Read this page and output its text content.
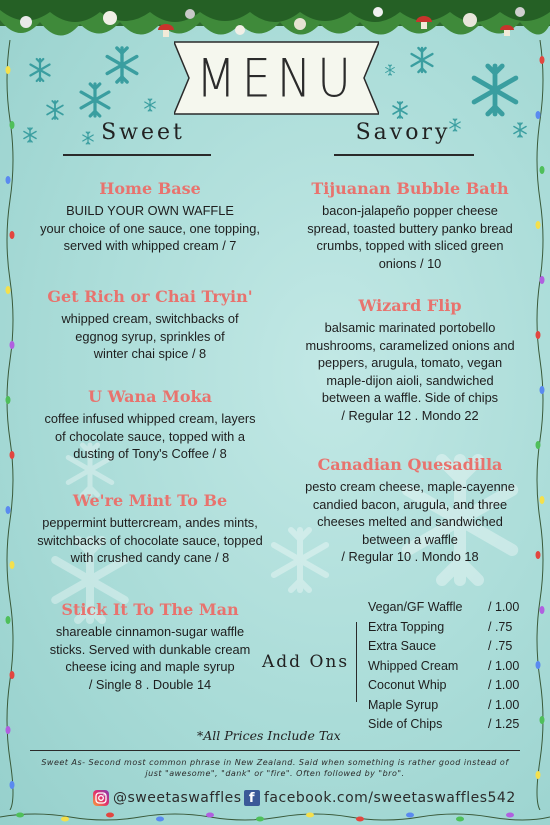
MENU
Sweet	Savory
Home Base
BUILD YOUR OWN WAFFLE
your choice of one sauce, one topping,
served with whipped cream / 7
Get Rich or Chai Tryin'
whipped cream, switchbacks of
eggnog syrup, sprinkles of
winter chai spice / 8
U Wana Moka
coffee infused whipped cream, layers
of chocolate sauce, topped with a
dusting of Tony's Coffee / 8
We're Mint To Be
peppermint buttercream, andes mints,
switchbacks of chocolate sauce, topped
with crushed candy cane / 8
Stick It To The Man
shareable cinnamon-sugar waffle
sticks. Served with dunkable cream
cheese icing and maple syrup
/ Single 8 . Double 14
Tijuanan Bubble Bath
bacon-jalapeño popper cheese
spread, toasted buttery panko bread
crumbs, topped with sliced green
onions / 10
Wizard Flip
balsamic marinated portobello
mushrooms, caramelized onions and
peppers, arugula, tomato, vegan
maple-dijon aioli, sandwiched
between a waffle. Side of chips
/ Regular 12 . Mondo 22
Canadian Quesadilla
pesto cream cheese, maple-cayenne
candied bacon, arugula, and three
cheeses melted and sandwiched
between a waffle
/ Regular 10 . Mondo 18
Add Ons
Vegan/GF Waffle / 1.00
Extra Topping	/ .75
Extra Sauce	/ .75
Whipped Cream / 1.00
Coconut Whip	/ 1.00
Maple Syrup	/ 1.00
Side of Chips	/ 1.25
*All Prices Include Tax
Sweet As- Second most common phrase in New Zealand. Said when something is rather good instead of just "awesome", "dank" or "fire". Often followed by "bro".
@sweetaswaffles f facebook.com/sweetaswaffles542
